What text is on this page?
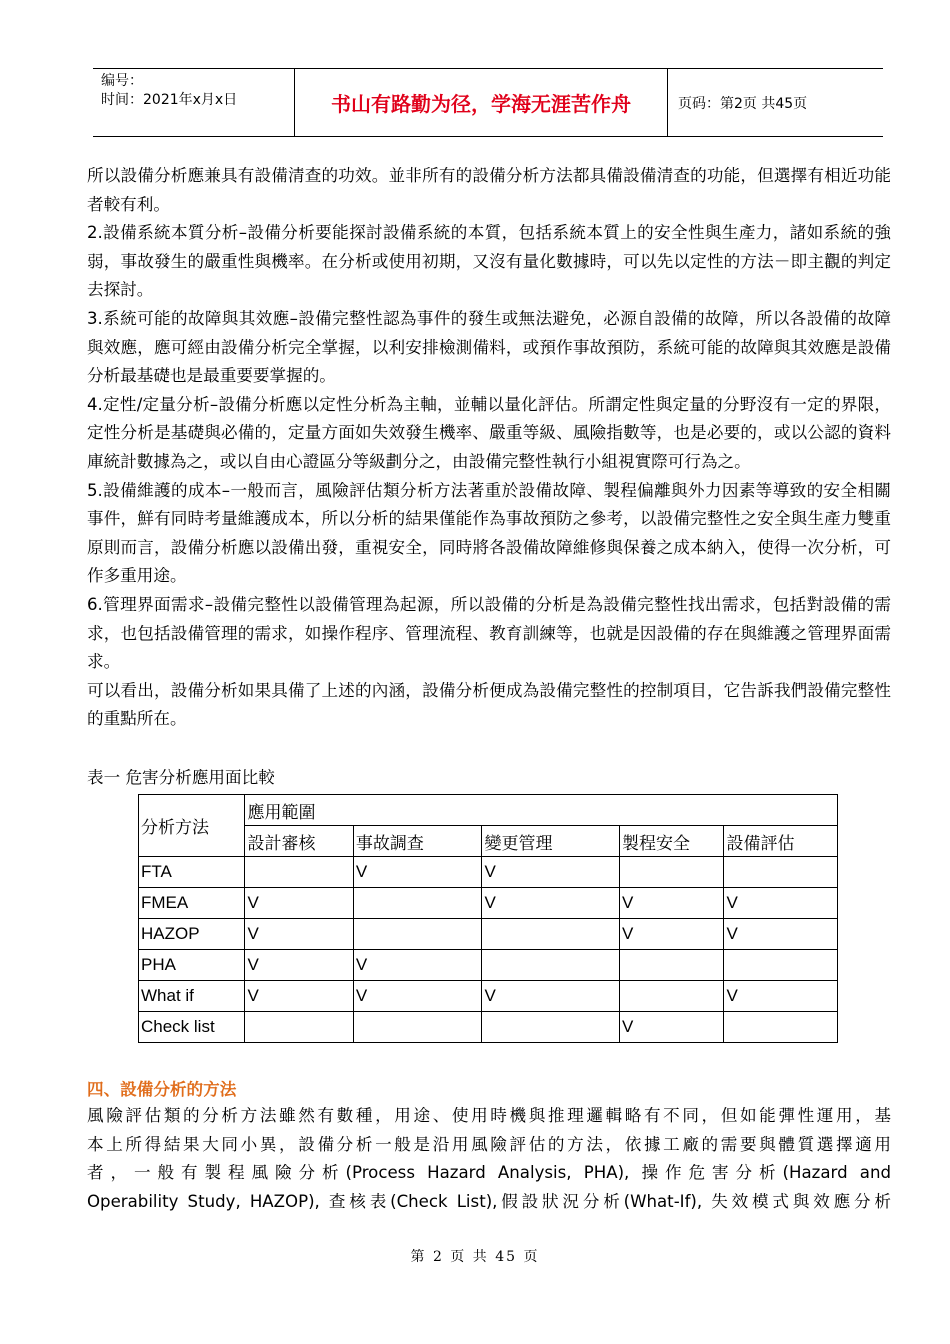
编号：
时间：2021年x月x日	书山有路勤为径，学海无涯苦作舟	页码：第2页 共45页

所以設備分析應兼具有設備清查的功效。並非所有的設備分析方法都具備設備清查的功能，但選擇有相近功能者較有利。

2.設備系統本質分析–設備分析要能探討設備系統的本質，包括系統本質上的安全性與生產力，諸如系統的強弱，事故發生的嚴重性與機率。在分析或使用初期，又沒有量化數據時，可以先以定性的方法－即主觀的判定去探討。

3.系統可能的故障與其效應–設備完整性認為事件的發生或無法避免，必源自設備的故障，所以各設備的故障與效應，應可經由設備分析完全掌握，以利安排檢測備料，或預作事故預防，系統可能的故障與其效應是設備分析最基礎也是最重要要掌握的。

4.定性/定量分析–設備分析應以定性分析為主軸，並輔以量化評估。所謂定性與定量的分野沒有一定的界限，定性分析是基礎與必備的，定量方面如失效發生機率、嚴重等級、風險指數等，也是必要的，或以公認的資料庫統計數據為之，或以自由心證區分等級劃分之，由設備完整性執行小組視實際可行為之。

5.設備維護的成本–一般而言，風險評估類分析方法著重於設備故障、製程偏離與外力因素等導致的安全相關事件，鮮有同時考量維護成本，所以分析的結果僅能作為事故預防之參考，以設備完整性之安全與生產力雙重原則而言，設備分析應以設備出發，重視安全，同時將各設備故障維修與保養之成本納入，使得一次分析，可作多重用途。

6.管理界面需求–設備完整性以設備管理為起源，所以設備的分析是為設備完整性找出需求，包括對設備的需求，也包括設備管理的需求，如操作程序、管理流程、教育訓練等，也就是因設備的存在與維護之管理界面需求。

可以看出，設備分析如果具備了上述的內涵，設備分析便成為設備完整性的控制項目，它告訴我們設備完整性的重點所在。

表一 危害分析應用面比較
分析方法	應用範圍				
	設計審核	事故調查	變更管理	製程安全	設備評估
FTA		V	V		
FMEA	V		V	V	V
HAZOP	V			V	V
PHA	V	V			
What if	V	V	V		V
Check list				V	
四、設備分析的方法

風險評估類的分析方法雖然有數種，用途、使用時機與推理邏輯略有不同，但如能彈性運用，基

本上所得結果大同小異，設備分析一般是沿用風險評估的方法，依據工廠的需要與體質選擇適用

者，一般有製程風險分析(Process Hazard Analysis, PHA), 操作危害分析(Hazard and

Operability Study, HAZOP), 查核表(Check List),假設狀況分析(What-If), 失效模式與效應分析

第 2 页 共 45 页
